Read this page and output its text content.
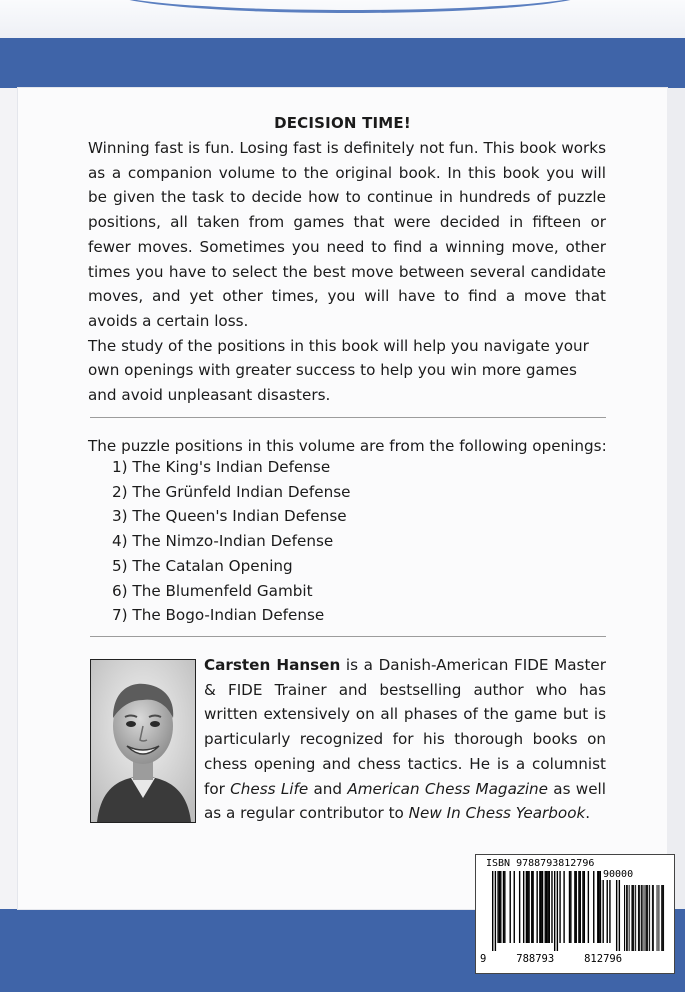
DECISION TIME!

Winning fast is fun. Losing fast is definitely not fun. This book works as a companion volume to the original book. In this book you will be given the task to decide how to continue in hundreds of puzzle positions, all taken from games that were decided in fifteen or fewer moves. Sometimes you need to find a winning move, other times you have to select the best move between several candidate moves, and yet other times, you will have to find a move that avoids a certain loss.

The study of the positions in this book will help you navigate your own openings with greater success to help you win more games and avoid unpleasant disasters.

The puzzle positions in this volume are from the following openings:
1) The King's Indian Defense
2) The Grünfeld Indian Defense
3) The Queen's Indian Defense
4) The Nimzo-Indian Defense
5) The Catalan Opening
6) The Blumenfeld Gambit
7) The Bogo-Indian Defense

Carsten Hansen is a Danish-American FIDE Master & FIDE Trainer and bestselling author who has written extensively on all phases of the game but is particularly recognized for his thorough books on chess opening and chess tactics. He is a columnist for Chess Life and American Chess Magazine as well as a regular contributor to New In Chess Yearbook.

ISBN 9788793812796
90000
9	788793	812796
